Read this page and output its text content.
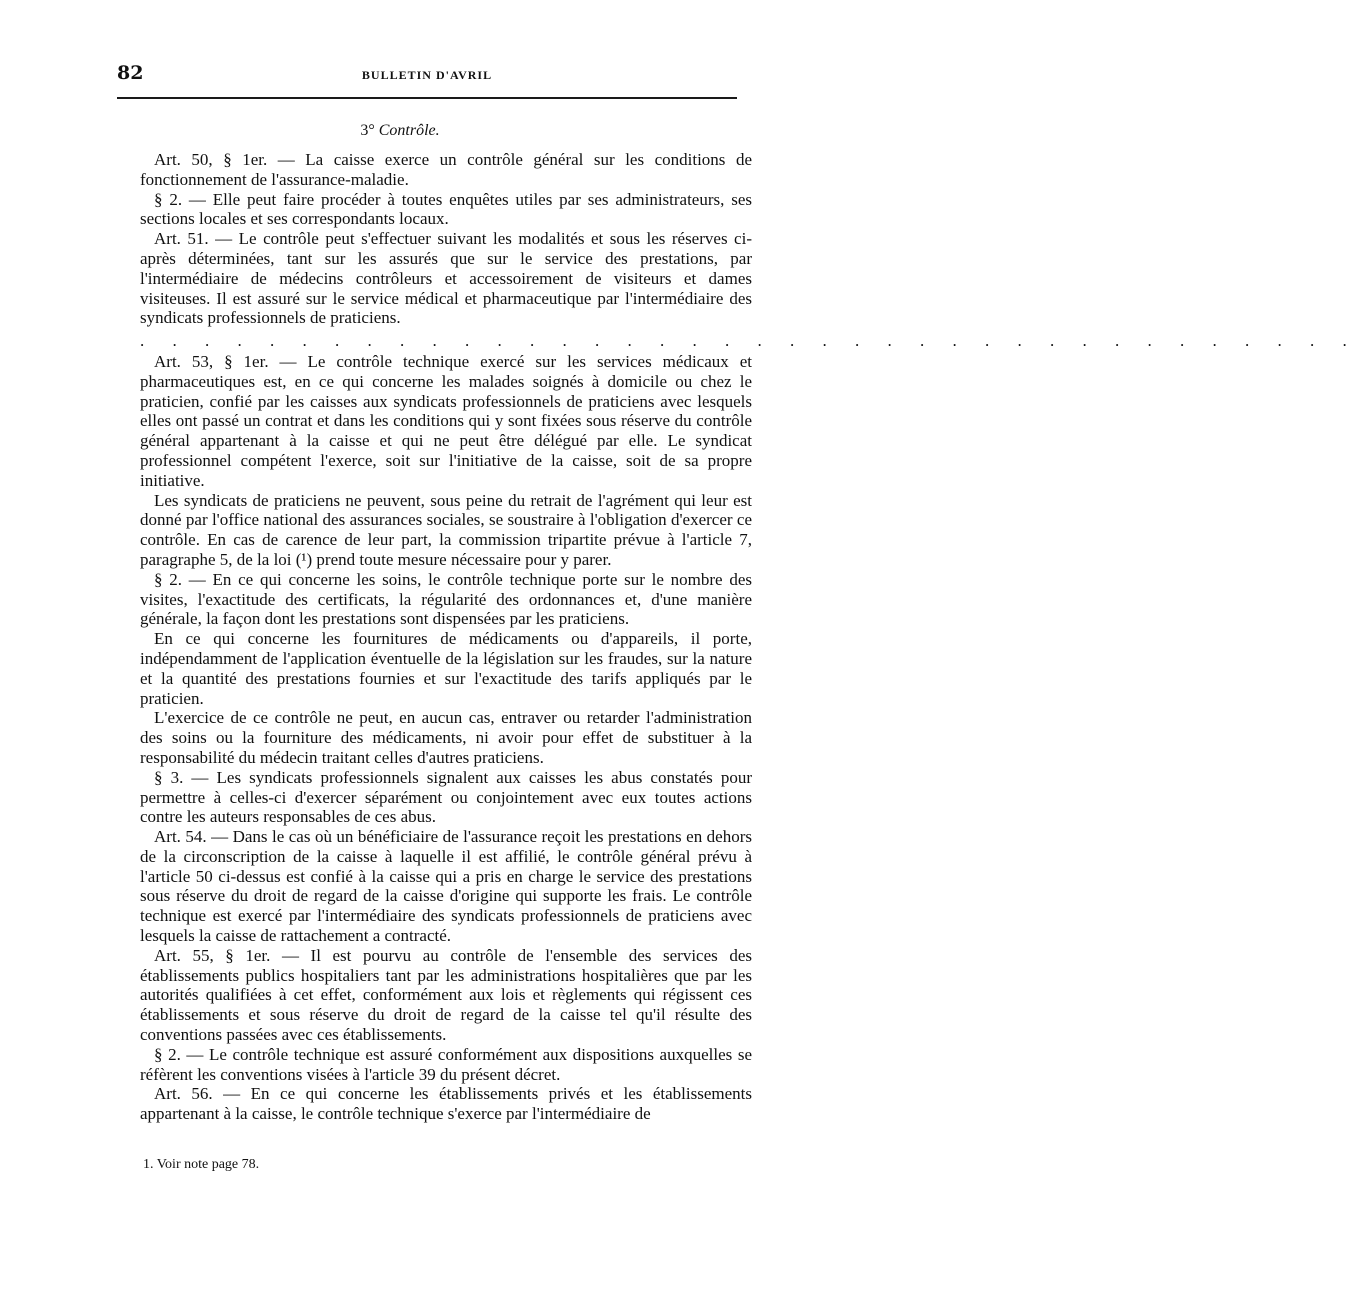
82	BULLETIN D'AVRIL
3° Contrôle.

Art. 50, § 1er. — La caisse exerce un contrôle général sur les conditions de fonctionnement de l'assurance-maladie.

§ 2. — Elle peut faire procéder à toutes enquêtes utiles par ses administrateurs, ses sections locales et ses correspondants locaux.

Art. 51. — Le contrôle peut s'effectuer suivant les modalités et sous les réserves ci-après déterminées, tant sur les assurés que sur le service des prestations, par l'intermédiaire de médecins contrôleurs et accessoirement de visiteurs et dames visiteuses. Il est assuré sur le service médical et pharmaceutique par l'intermédiaire des syndicats professionnels de praticiens.

. . . . . . . . . . . . . . . . . . . . . . . . . . . . . . . . . . . . . .

Art. 53, § 1er. — Le contrôle technique exercé sur les services médicaux et pharmaceutiques est, en ce qui concerne les malades soignés à domicile ou chez le praticien, confié par les caisses aux syndicats professionnels de praticiens avec lesquels elles ont passé un contrat et dans les conditions qui y sont fixées sous réserve du contrôle général appartenant à la caisse et qui ne peut être délégué par elle. Le syndicat professionnel compétent l'exerce, soit sur l'initiative de la caisse, soit de sa propre initiative.

Les syndicats de praticiens ne peuvent, sous peine du retrait de l'agrément qui leur est donné par l'office national des assurances sociales, se soustraire à l'obligation d'exercer ce contrôle. En cas de carence de leur part, la commission tripartite prévue à l'article 7, paragraphe 5, de la loi (¹) prend toute mesure nécessaire pour y parer.

§ 2. — En ce qui concerne les soins, le contrôle technique porte sur le nombre des visites, l'exactitude des certificats, la régularité des ordonnances et, d'une manière générale, la façon dont les prestations sont dispensées par les praticiens.

En ce qui concerne les fournitures de médicaments ou d'appareils, il porte, indépendamment de l'application éventuelle de la législation sur les fraudes, sur la nature et la quantité des prestations fournies et sur l'exactitude des tarifs appliqués par le praticien.

L'exercice de ce contrôle ne peut, en aucun cas, entraver ou retarder l'administration des soins ou la fourniture des médicaments, ni avoir pour effet de substituer à la responsabilité du médecin traitant celles d'autres praticiens.

§ 3. — Les syndicats professionnels signalent aux caisses les abus constatés pour permettre à celles-ci d'exercer séparément ou conjointement avec eux toutes actions contre les auteurs responsables de ces abus.

Art. 54. — Dans le cas où un bénéficiaire de l'assurance reçoit les prestations en dehors de la circonscription de la caisse à laquelle il est affilié, le contrôle général prévu à l'article 50 ci-dessus est confié à la caisse qui a pris en charge le service des prestations sous réserve du droit de regard de la caisse d'origine qui supporte les frais. Le contrôle technique est exercé par l'intermédiaire des syndicats professionnels de praticiens avec lesquels la caisse de rattachement a contracté.

Art. 55, § 1er. — Il est pourvu au contrôle de l'ensemble des services des établissements publics hospitaliers tant par les administrations hospitalières que par les autorités qualifiées à cet effet, conformément aux lois et règlements qui régissent ces établissements et sous réserve du droit de regard de la caisse tel qu'il résulte des conventions passées avec ces établissements.

§ 2. — Le contrôle technique est assuré conformément aux dispositions auxquelles se réfèrent les conventions visées à l'article 39 du présent décret.

Art. 56. — En ce qui concerne les établissements privés et les établissements appartenant à la caisse, le contrôle technique s'exerce par l'intermédiaire de

1. Voir note page 78.
